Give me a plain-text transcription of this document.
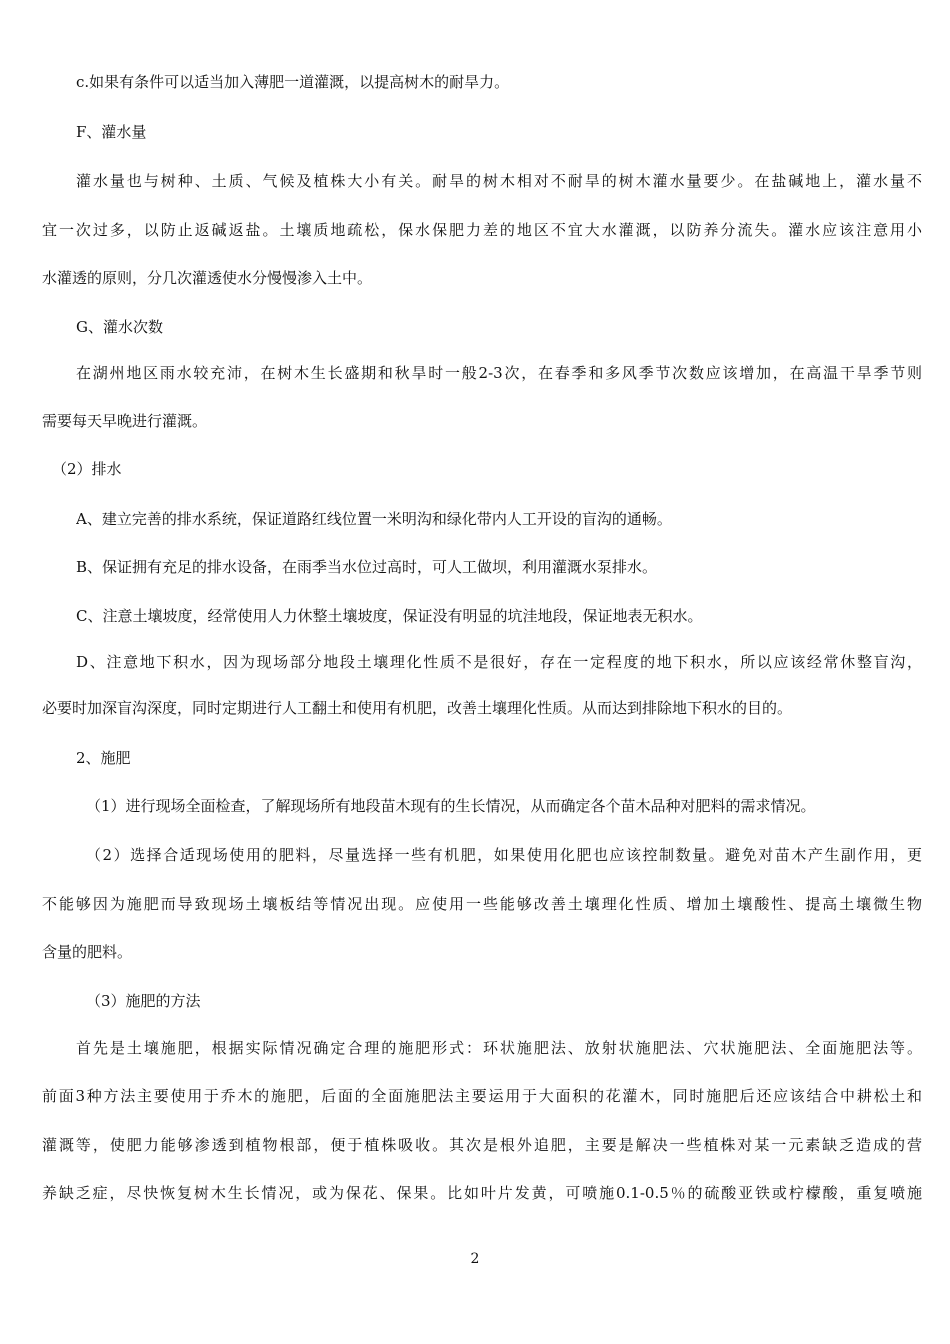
c.如果有条件可以适当加入薄肥一道灌溉，以提高树木的耐旱力。
F、灌水量
灌水量也与树种、土质、气候及植株大小有关。耐旱的树木相对不耐旱的树木灌水量要少。在盐碱地上，灌水量不
宜一次过多，以防止返碱返盐。土壤质地疏松，保水保肥力差的地区不宜大水灌溉，以防养分流失。灌水应该注意用小
水灌透的原则，分几次灌透使水分慢慢渗入土中。
G、灌水次数
在湖州地区雨水较充沛，在树木生长盛期和秋旱时一般2-3次，在春季和多风季节次数应该增加，在高温干旱季节则
需要每天早晚进行灌溉。
（2）排水
A、建立完善的排水系统，保证道路红线位置一米明沟和绿化带内人工开设的盲沟的通畅。
B、保证拥有充足的排水设备，在雨季当水位过高时，可人工做坝，利用灌溉水泵排水。
C、注意土壤坡度，经常使用人力休整土壤坡度，保证没有明显的坑洼地段，保证地表无积水。
D、注意地下积水，因为现场部分地段土壤理化性质不是很好，存在一定程度的地下积水，所以应该经常休整盲沟，
必要时加深盲沟深度，同时定期进行人工翻土和使用有机肥，改善土壤理化性质。从而达到排除地下积水的目的。
2、施肥
（1）进行现场全面检查，了解现场所有地段苗木现有的生长情况，从而确定各个苗木品种对肥料的需求情况。
（2）选择合适现场使用的肥料，尽量选择一些有机肥，如果使用化肥也应该控制数量。避免对苗木产生副作用，更
不能够因为施肥而导致现场土壤板结等情况出现。应使用一些能够改善土壤理化性质、增加土壤酸性、提高土壤微生物
含量的肥料。
（3）施肥的方法
首先是土壤施肥，根据实际情况确定合理的施肥形式：环状施肥法、放射状施肥法、穴状施肥法、全面施肥法等。
前面3种方法主要使用于乔木的施肥，后面的全面施肥法主要运用于大面积的花灌木，同时施肥后还应该结合中耕松土和
灌溉等，使肥力能够渗透到植物根部，便于植株吸收。其次是根外追肥，主要是解决一些植株对某一元素缺乏造成的营
养缺乏症，尽快恢复树木生长情况，或为保花、保果。比如叶片发黄，可喷施0.1-0.5％的硫酸亚铁或柠檬酸，重复喷施
2
